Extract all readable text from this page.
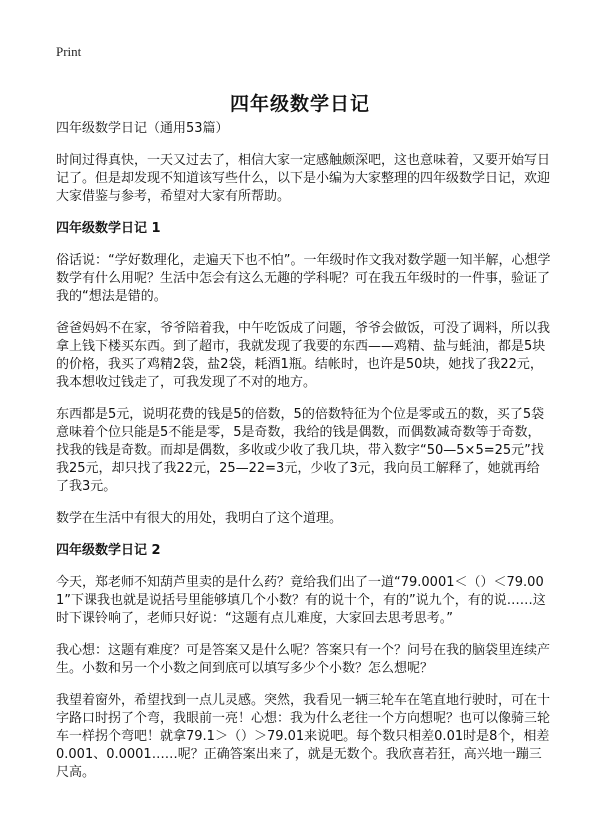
Print
四年级数学日记
四年级数学日记（通用53篇）

时间过得真快，一天又过去了，相信大家一定感触颇深吧，这也意味着，又要开始写日记了。但是却发现不知道该写些什么，以下是小编为大家整理的四年级数学日记，欢迎大家借鉴与参考，希望对大家有所帮助。

四年级数学日记 1

俗话说：“学好数理化，走遍天下也不怕”。一年级时作文我对数学题一知半解，心想学数学有什么用呢？生活中怎会有这么无趣的学科呢？可在我五年级时的一件事，验证了我的“想法是错的。

爸爸妈妈不在家，爷爷陪着我，中午吃饭成了问题，爷爷会做饭，可没了调料，所以我拿上钱下楼买东西。到了超市，我就发现了我要的东西——鸡精、盐与蚝油，都是5块的价格，我买了鸡精2袋，盐2袋，耗酒1瓶。结帐时，也许是50块，她找了我22元，我本想收过钱走了，可我发现了不对的地方。

东西都是5元，说明花费的钱是5的倍数，5的倍数特征为个位是零或五的数，买了5袋意味着个位只能是5不能是零，5是奇数，我给的钱是偶数，而偶数减奇数等于奇数，找我的钱是奇数。而却是偶数，多收或少收了我几块，带入数字“50—5×5=25元”找我25元，却只找了我22元，25—22=3元，少收了3元，我向员工解释了，她就再给了我3元。

数学在生活中有很大的用处，我明白了这个道理。

四年级数学日记 2

今天，郑老师不知葫芦里卖的是什么药？竟给我们出了一道“79.0001＜（）＜79.001”下课我也就是说括号里能够填几个小数？有的说十个，有的”说九个，有的说……这时下课铃响了，老师只好说：“这题有点儿难度，大家回去思考思考。”

我心想：这题有难度？可是答案又是什么呢？答案只有一个？问号在我的脑袋里连续产生。小数和另一个小数之间到底可以填写多少个小数？怎么想呢？

我望着窗外，希望找到一点儿灵感。突然，我看见一辆三轮车在笔直地行驶时，可在十字路口时拐了个弯，我眼前一亮！心想：我为什么老往一个方向想呢？也可以像骑三轮车一样拐个弯吧！就拿79.1＞（）＞79.01来说吧。每个数只相差0.01时是8个，相差0.001、0.0001……呢？正确答案出来了，就是无数个。我欣喜若狂，高兴地一蹦三尺高。
